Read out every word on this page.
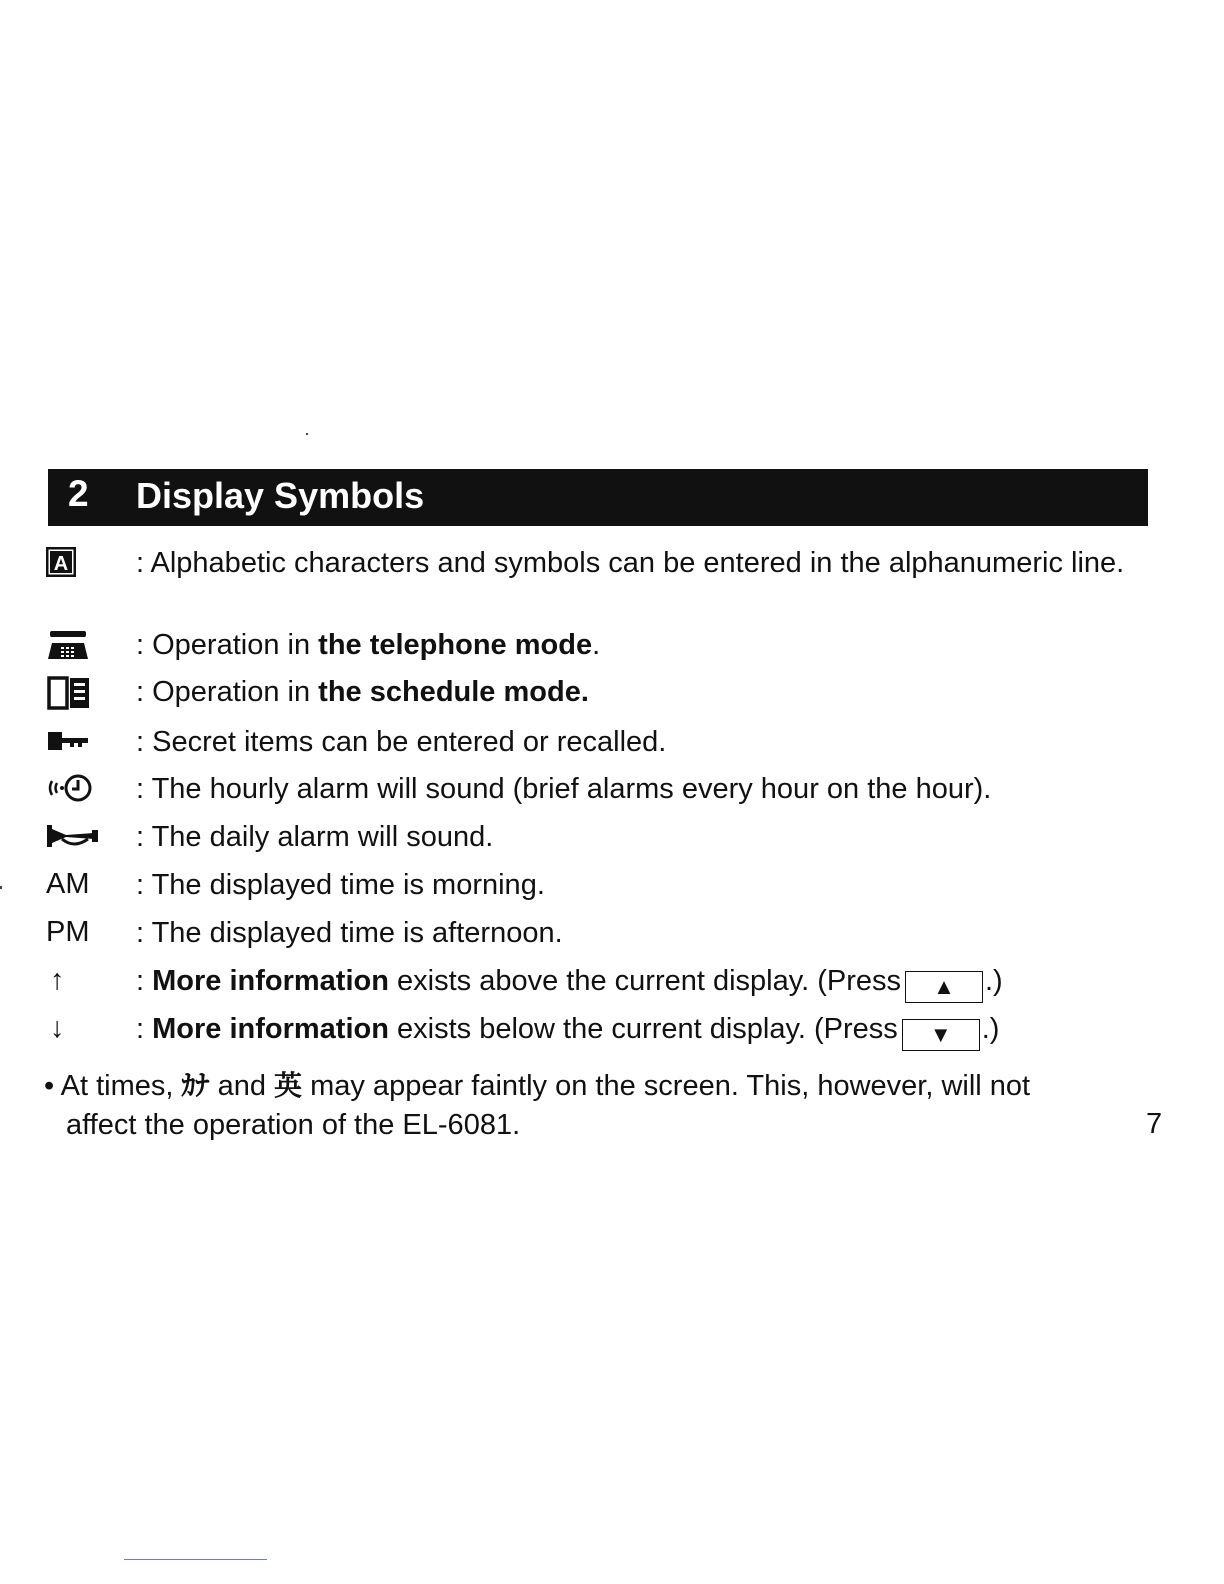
2 Display Symbols
A : Alphabetic characters and symbols can be entered in the alphanumeric line.
: Operation in the telephone mode.
: Operation in the schedule mode.
: Secret items can be entered or recalled.
: The hourly alarm will sound (brief alarms every hour on the hour).
: The daily alarm will sound.
AM	: The displayed time is morning.
PM	: The displayed time is afternoon.
↑	: More information exists above the current display. (Press ▲ .)
↓	: More information exists below the current display. (Press ▼ .)
• At times, ｶﾅ and 英 may appear faintly on the screen. This, however, will not
affect the operation of the EL-6081.	7
